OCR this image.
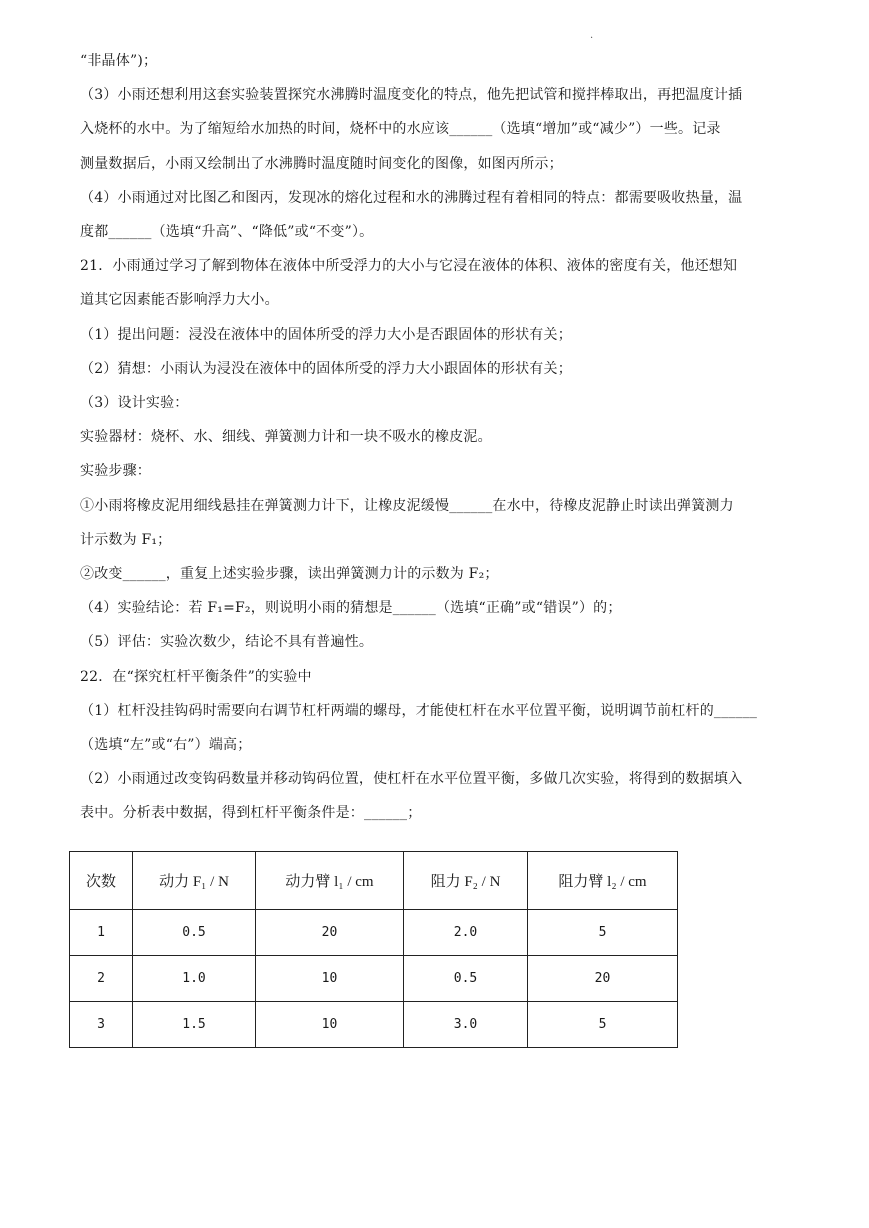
.
“非晶体”)；
（3）小雨还想利用这套实验装置探究水沸腾时温度变化的特点，他先把试管和搅拌棒取出，再把温度计插
入烧杯的水中。为了缩短给水加热的时间，烧杯中的水应该______（选填“增加”或“减少”）一些。记录
测量数据后，小雨又绘制出了水沸腾时温度随时间变化的图像，如图丙所示；
（4）小雨通过对比图乙和图丙，发现冰的熔化过程和水的沸腾过程有着相同的特点：都需要吸收热量，温
度都______（选填“升高”、“降低”或“不变”）。
21．小雨通过学习了解到物体在液体中所受浮力的大小与它浸在液体的体积、液体的密度有关，他还想知
道其它因素能否影响浮力大小。
（1）提出问题：浸没在液体中的固体所受的浮力大小是否跟固体的形状有关；
（2）猜想：小雨认为浸没在液体中的固体所受的浮力大小跟固体的形状有关；
（3）设计实验：
实验器材：烧杯、水、细线、弹簧测力计和一块不吸水的橡皮泥。
实验步骤：
①小雨将橡皮泥用细线悬挂在弹簧测力计下，让橡皮泥缓慢______在水中，待橡皮泥静止时读出弹簧测力
计示数为 F₁；
②改变______，重复上述实验步骤，读出弹簧测力计的示数为 F₂；
（4）实验结论：若 F₁=F₂，则说明小雨的猜想是______（选填“正确”或“错误”）的；
（5）评估：实验次数少，结论不具有普遍性。
22．在“探究杠杆平衡条件”的实验中
（1）杠杆没挂钩码时需要向右调节杠杆两端的螺母，才能使杠杆在水平位置平衡，说明调节前杠杆的______
（选填“左”或“右”）端高；
（2）小雨通过改变钩码数量并移动钩码位置，使杠杆在水平位置平衡，多做几次实验，将得到的数据填入
表中。分析表中数据，得到杠杆平衡条件是：______；
次数	动力 F₁ / N	动力臂 l₁ / cm	阻力 F₂ / N	阻力臂 l₂ / cm
1	0.5	20	2.0	5
2	1.0	10	0.5	20
3	1.5	10	3.0	5
